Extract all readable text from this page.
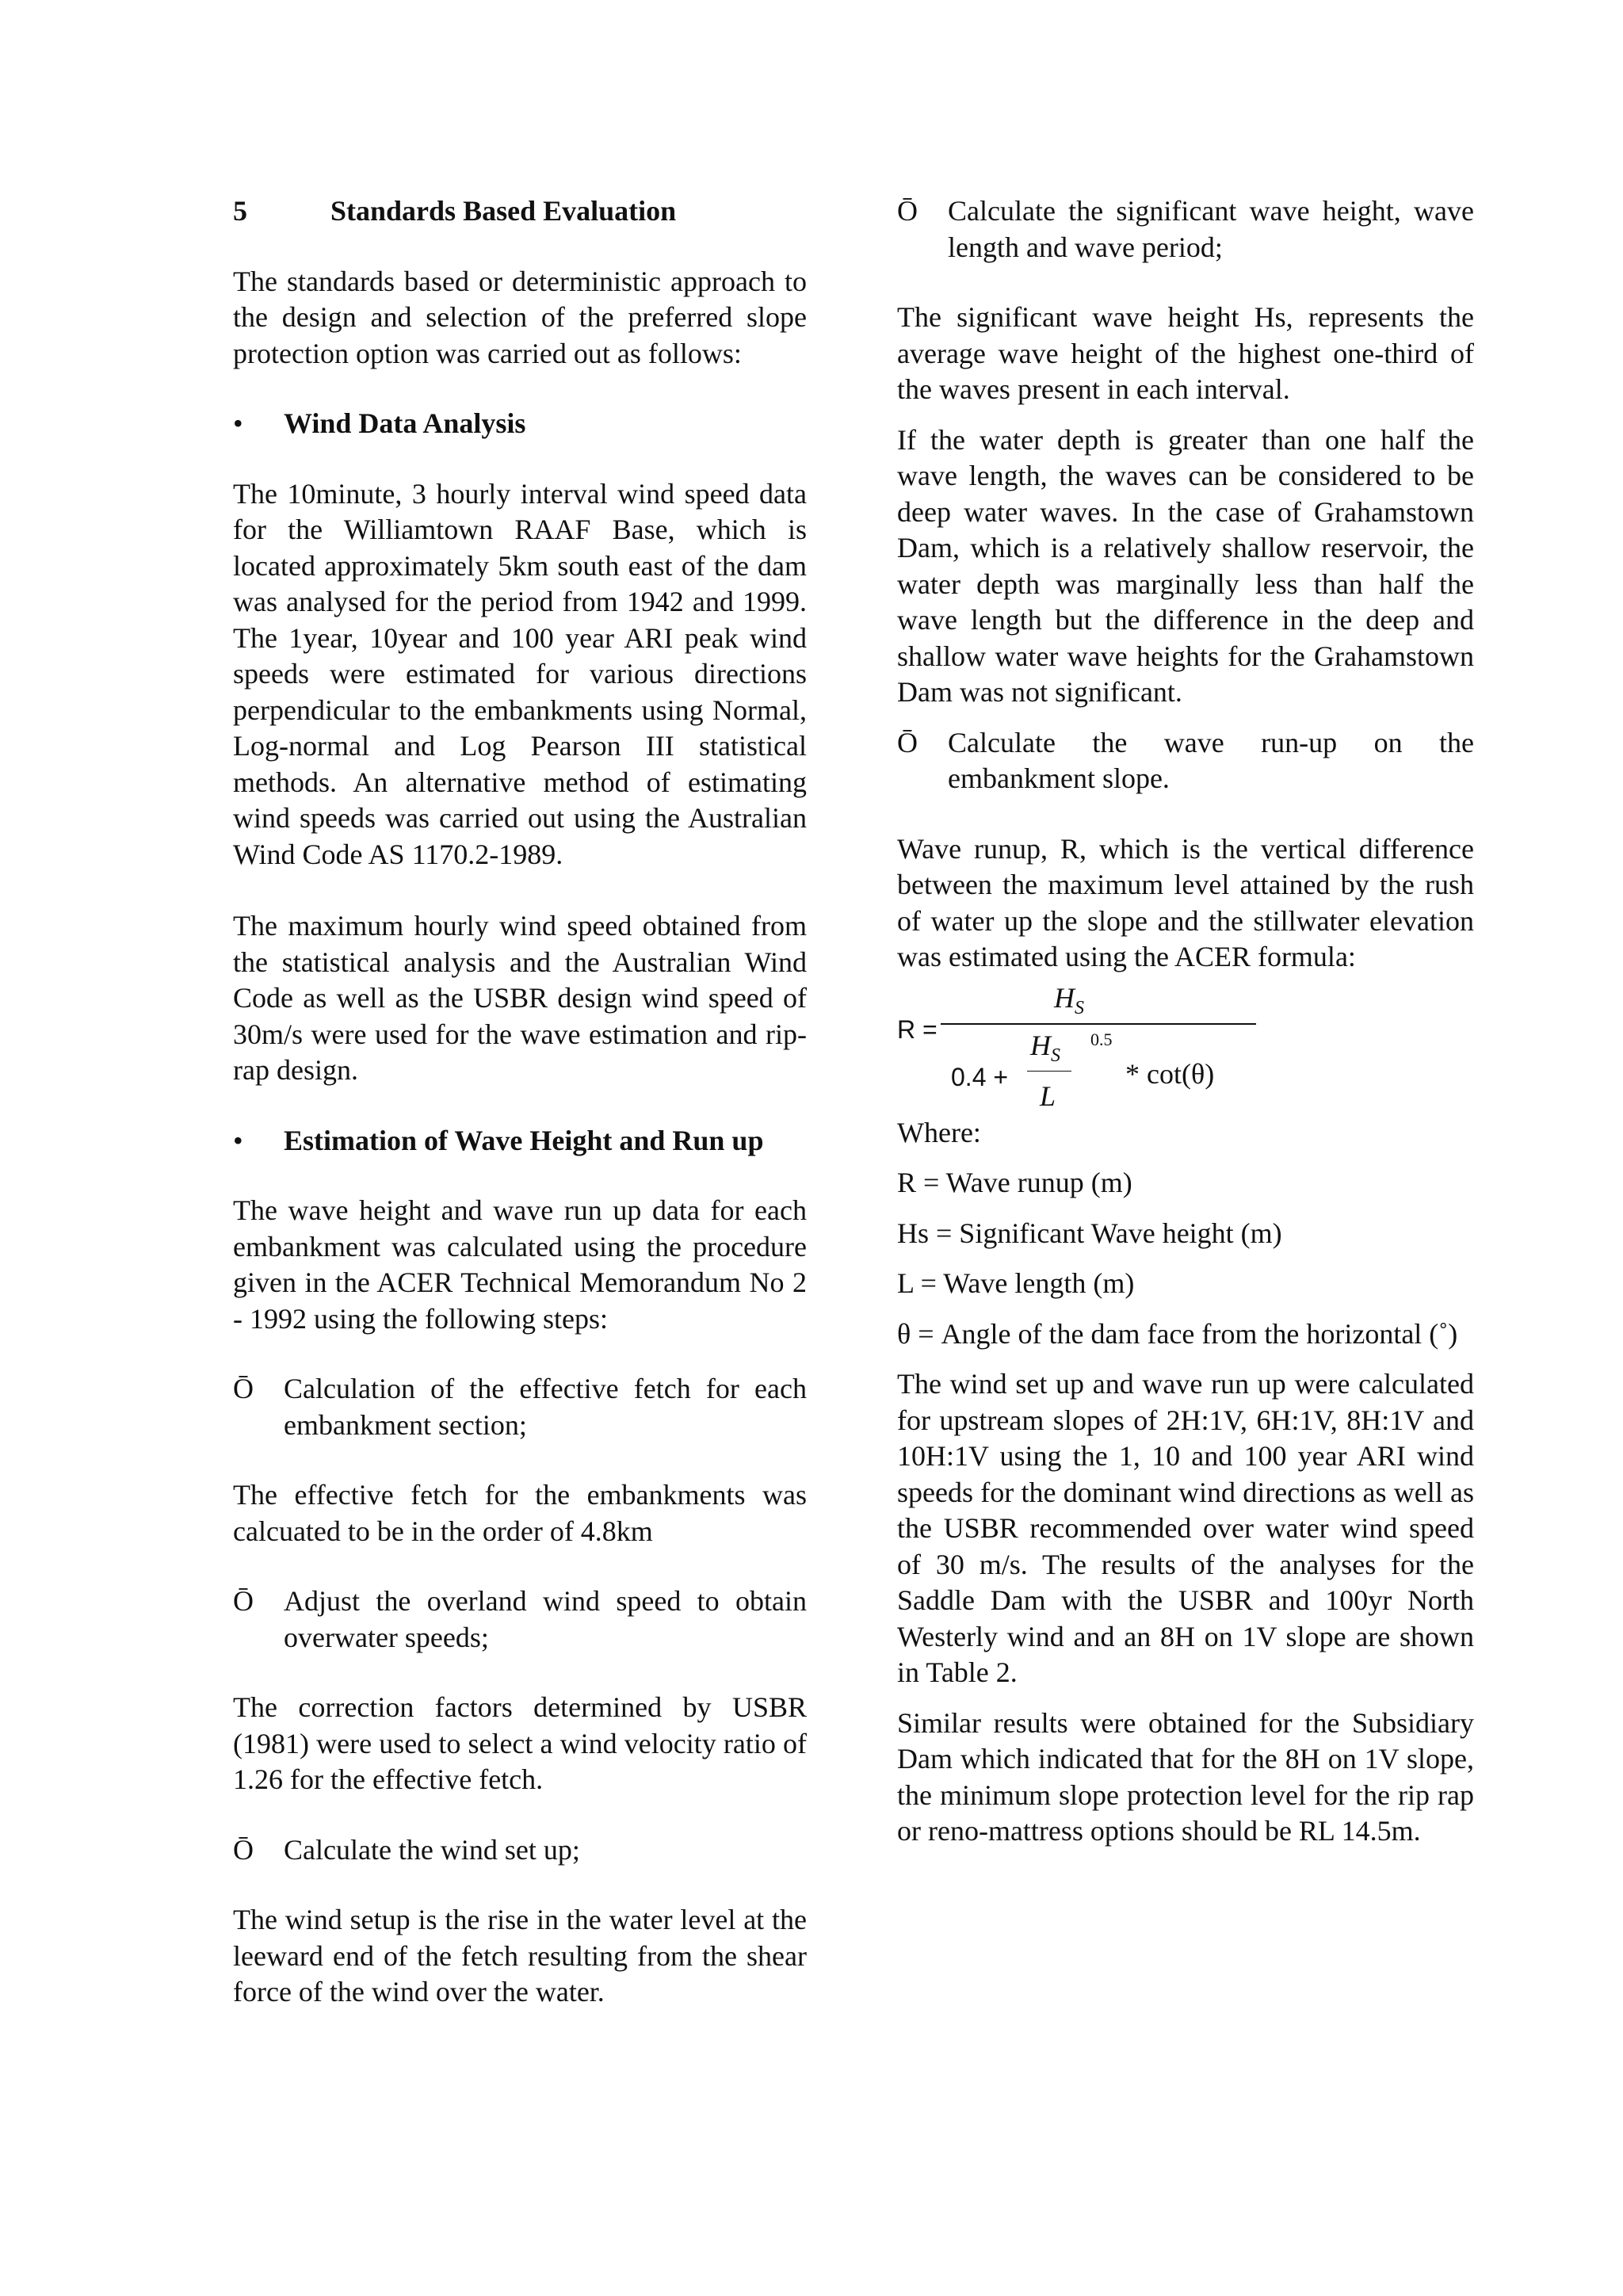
5	Standards Based Evaluation

The standards based or deterministic approach to the design and selection of the preferred slope protection option was carried out as follows:

•	Wind Data Analysis

The 10minute, 3 hourly interval wind speed data for the Williamtown RAAF Base, which is located approximately 5km south east of the dam was analysed for the period from 1942 and 1999. The 1year, 10year and 100 year ARI peak wind speeds were estimated for various directions perpendicular to the embankments using Normal, Log-normal and Log Pearson III statistical methods. An alternative method of estimating wind speeds was carried out using the Australian Wind Code AS 1170.2-1989.

The maximum hourly wind speed obtained from the statistical analysis and the Australian Wind Code as well as the USBR design wind speed of 30m/s were used for the wave estimation and rip-rap design.

•	Estimation of Wave Height and Run up

The wave height and wave run up data for each embankment was calculated using the procedure given in the ACER Technical Memorandum No 2 - 1992 using the following steps:

Ō	Calculation of the effective fetch for each embankment section;

The effective fetch for the embankments was calcuated to be in the order of 4.8km

Ō	Adjust the overland wind speed to obtain overwater speeds;

The correction factors determined by USBR (1981) were used to select a wind velocity ratio of 1.26 for the effective fetch.

Ō	Calculate the wind set up;

The wind setup is the rise in the water level at the leeward end of the fetch resulting from the shear force of the wind over the water.

Ō	Calculate the significant wave height, wave length and wave period;

The significant wave height Hs, represents the average wave height of the highest one-third of the waves present in each interval.

If the water depth is greater than one half the wave length, the waves can be considered to be deep water waves. In the case of Grahamstown Dam, which is a relatively shallow reservoir, the water depth was marginally less than half the wave length but the difference in the deep and shallow water wave heights for the Grahamstown Dam was not significant.

Ō	Calculate the wave run-up on the embankment slope.

Wave runup, R, which is the vertical difference between the maximum level attained by the rush of water up the slope and the stillwater elevation was estimated using the ACER formula:

R =
$H_S$
0.5
0.4 +
$H_S$
L
* cot(θ)

Where:

R = Wave runup (m)

Hs = Significant Wave height (m)

L = Wave length (m)

θ = Angle of the dam face from the horizontal (˚)

The wind set up and wave run up were calculated for upstream slopes of 2H:1V, 6H:1V, 8H:1V and 10H:1V using the 1, 10 and 100 year ARI wind speeds for the dominant wind directions as well as the USBR recommended over water wind speed of 30 m/s. The results of the analyses for the Saddle Dam with the USBR and 100yr North Westerly wind and an 8H on 1V slope are shown in Table 2.

Similar results were obtained for the Subsidiary Dam which indicated that for the 8H on 1V slope, the minimum slope protection level for the rip rap or reno-mattress options should be RL 14.5m.
